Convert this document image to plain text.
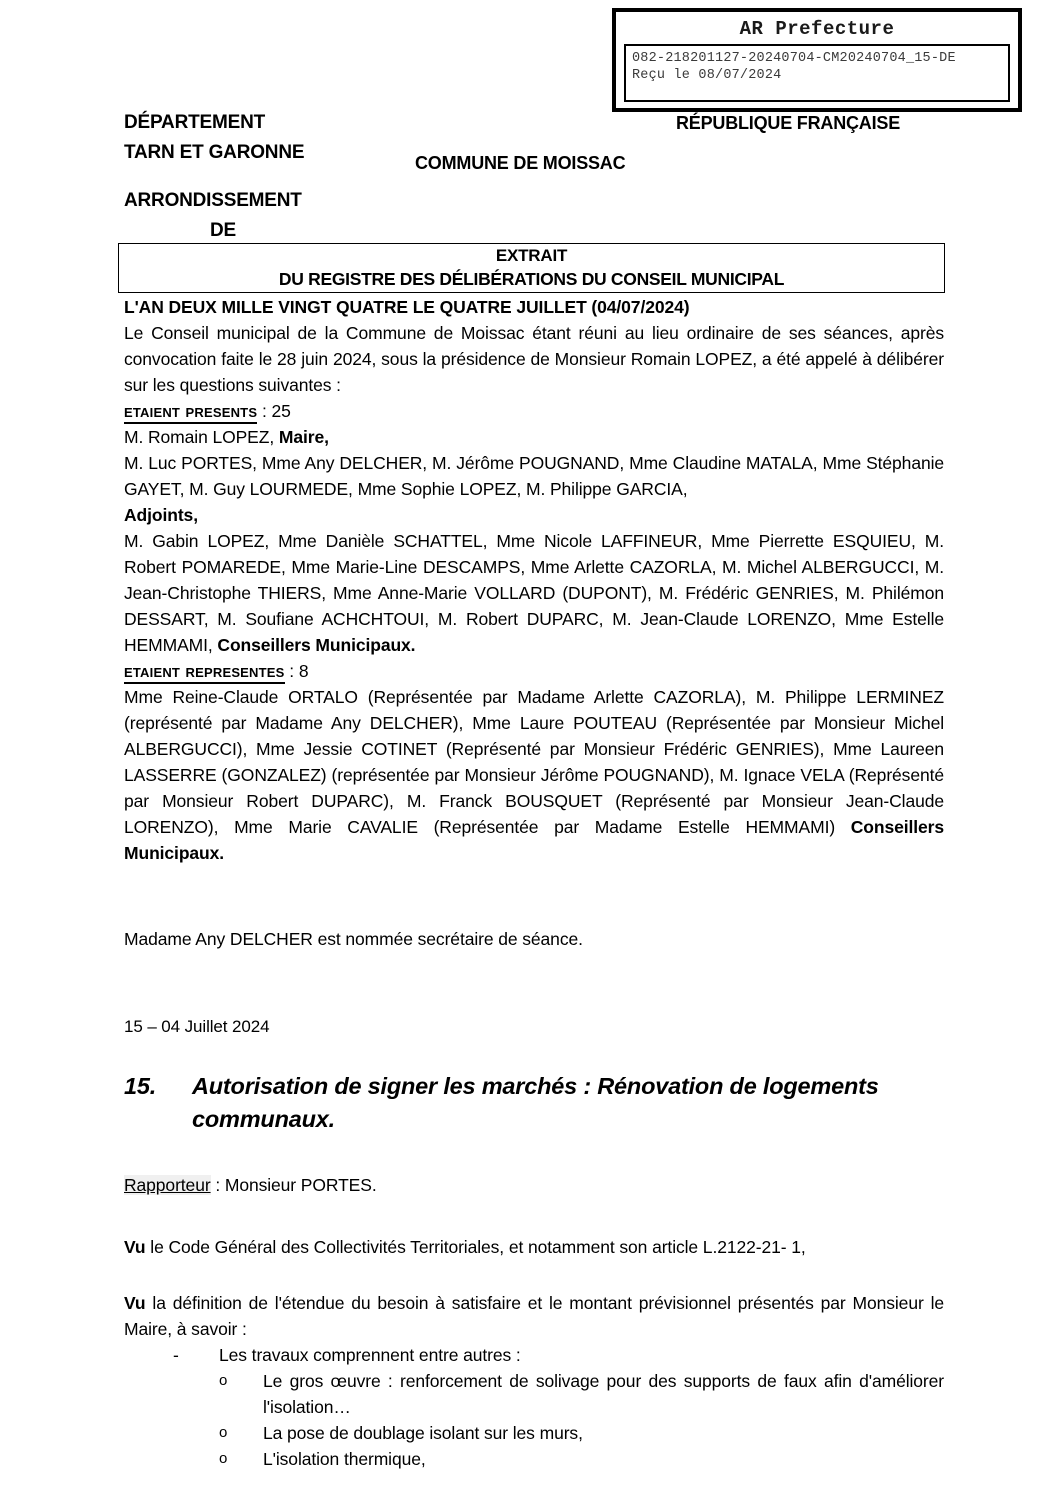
AR Prefecture
082-218201127-20240704-CM20240704_15-DE
Reçu le 08/07/2024
DÉPARTEMENT
TARN ET GARONNE
ARRONDISSEMENT
DE
RÉPUBLIQUE FRANÇAISE
COMMUNE DE MOISSAC
EXTRAIT
DU REGISTRE DES DÉLIBÉRATIONS DU CONSEIL MUNICIPAL

L'AN DEUX MILLE VINGT QUATRE LE QUATRE JUILLET (04/07/2024)

Le Conseil municipal de la Commune de Moissac étant réuni au lieu ordinaire de ses séances, après convocation faite le 28 juin 2024, sous la présidence de Monsieur Romain LOPEZ, a été appelé à délibérer sur les questions suivantes :

etaient presents : 25

M. Romain LOPEZ, Maire,

M. Luc PORTES, Mme Any DELCHER, M. Jérôme POUGNAND, Mme Claudine MATALA, Mme Stéphanie GAYET, M. Guy LOURMEDE, Mme Sophie LOPEZ, M. Philippe GARCIA,

Adjoints,

M. Gabin LOPEZ, Mme Danièle SCHATTEL, Mme Nicole LAFFINEUR, Mme Pierrette ESQUIEU, M. Robert POMAREDE, Mme Marie-Line DESCAMPS, Mme Arlette CAZORLA, M. Michel ALBERGUCCI, M. Jean-Christophe THIERS, Mme Anne-Marie VOLLARD (DUPONT), M. Frédéric GENRIES, M. Philémon DESSART, M. Soufiane ACHCHTOUI, M. Robert DUPARC, M. Jean-Claude LORENZO, Mme Estelle HEMMAMI, Conseillers Municipaux.

etaient representes : 8

Mme Reine-Claude ORTALO (Représentée par Madame Arlette CAZORLA), M. Philippe LERMINEZ (représenté par Madame Any DELCHER), Mme Laure POUTEAU (Représentée par Monsieur Michel ALBERGUCCI), Mme Jessie COTINET (Représenté par Monsieur Frédéric GENRIES), Mme Laureen LASSERRE (GONZALEZ) (représentée par Monsieur Jérôme POUGNAND), M. Ignace VELA (Représenté par Monsieur Robert DUPARC), M. Franck BOUSQUET (Représenté par Monsieur Jean-Claude LORENZO), Mme Marie CAVALIE (Représentée par Madame Estelle HEMMAMI) Conseillers Municipaux.

Madame Any DELCHER est nommée secrétaire de séance.

15 – 04 Juillet 2024

15. Autorisation de signer les marchés : Rénovation de logements communaux.

Rapporteur : Monsieur PORTES.

Vu le Code Général des Collectivités Territoriales, et notamment son article L.2122-21- 1,

Vu la définition de l'étendue du besoin à satisfaire et le montant prévisionnel présentés par Monsieur le Maire, à savoir :

-	Les travaux comprennent entre autres :
o	Le gros œuvre : renforcement de solivage pour des supports de faux afin d'améliorer l'isolation…
o	La pose de doublage isolant sur les murs,
o	L'isolation thermique,
